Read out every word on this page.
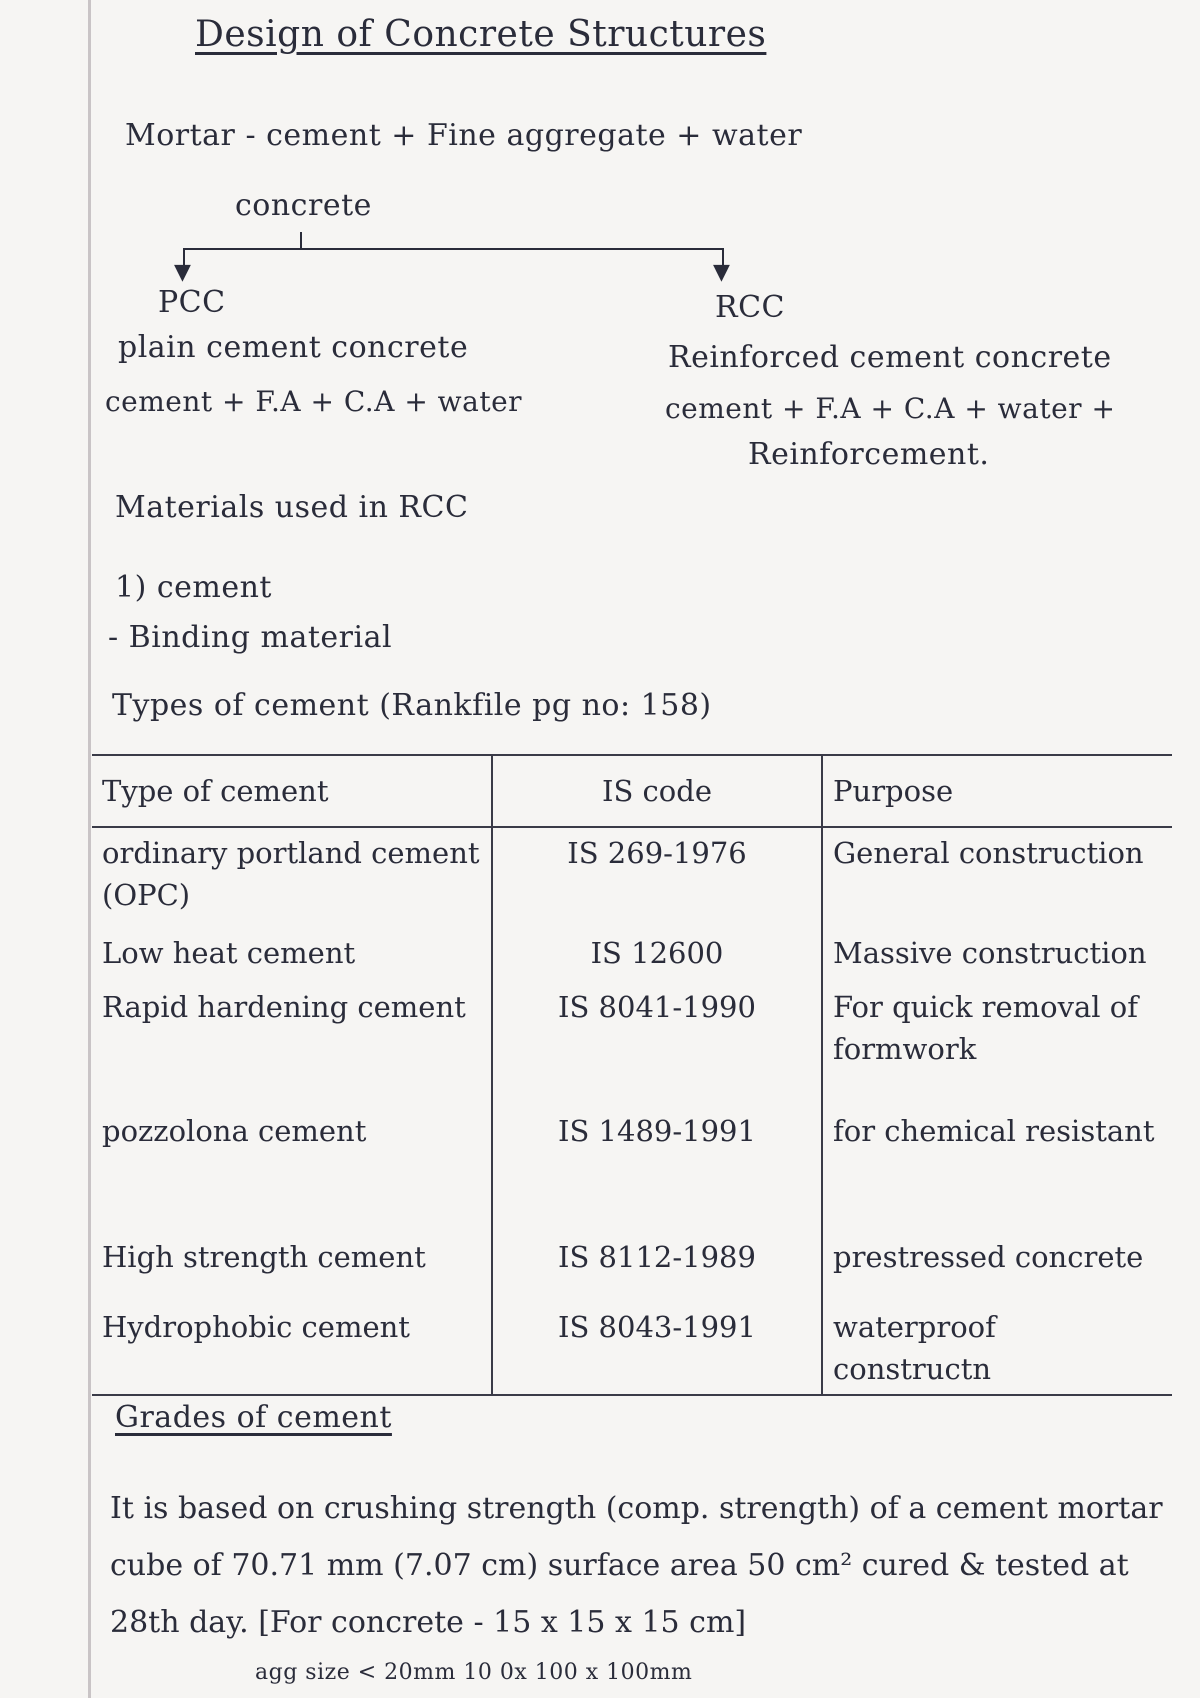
Design of Concrete Structures
Mortar - cement + Fine aggregate + water
concrete
▼	▼
PCC
plain cement concrete
cement + F.A + C.A + water
RCC
Reinforced cement concrete
cement + F.A + C.A + water +
Reinforcement.
Materials used in RCC
1) cement
- Binding material
Types of cement (Rankfile pg no: 158)
Type of cement	IS code	Purpose
ordinary portland cement (OPC)	IS 269-1976	General construction
Low heat cement	IS 12600	Massive construction
Rapid hardening cement	IS 8041-1990	For quick removal of formwork
pozzolona cement	IS 1489-1991	for chemical resistant
High strength cement	IS 8112-1989	prestressed concrete
Hydrophobic cement	IS 8043-1991	waterproof constructn
Grades of cement
It is based on crushing strength (comp. strength) of a cement mortar cube of 70.71 mm (7.07 cm) surface area 50 cm² cured & tested at 28th day. [For concrete - 15 x 15 x 15 cm]
agg size < 20mm 10 0x 100 x 100mm
